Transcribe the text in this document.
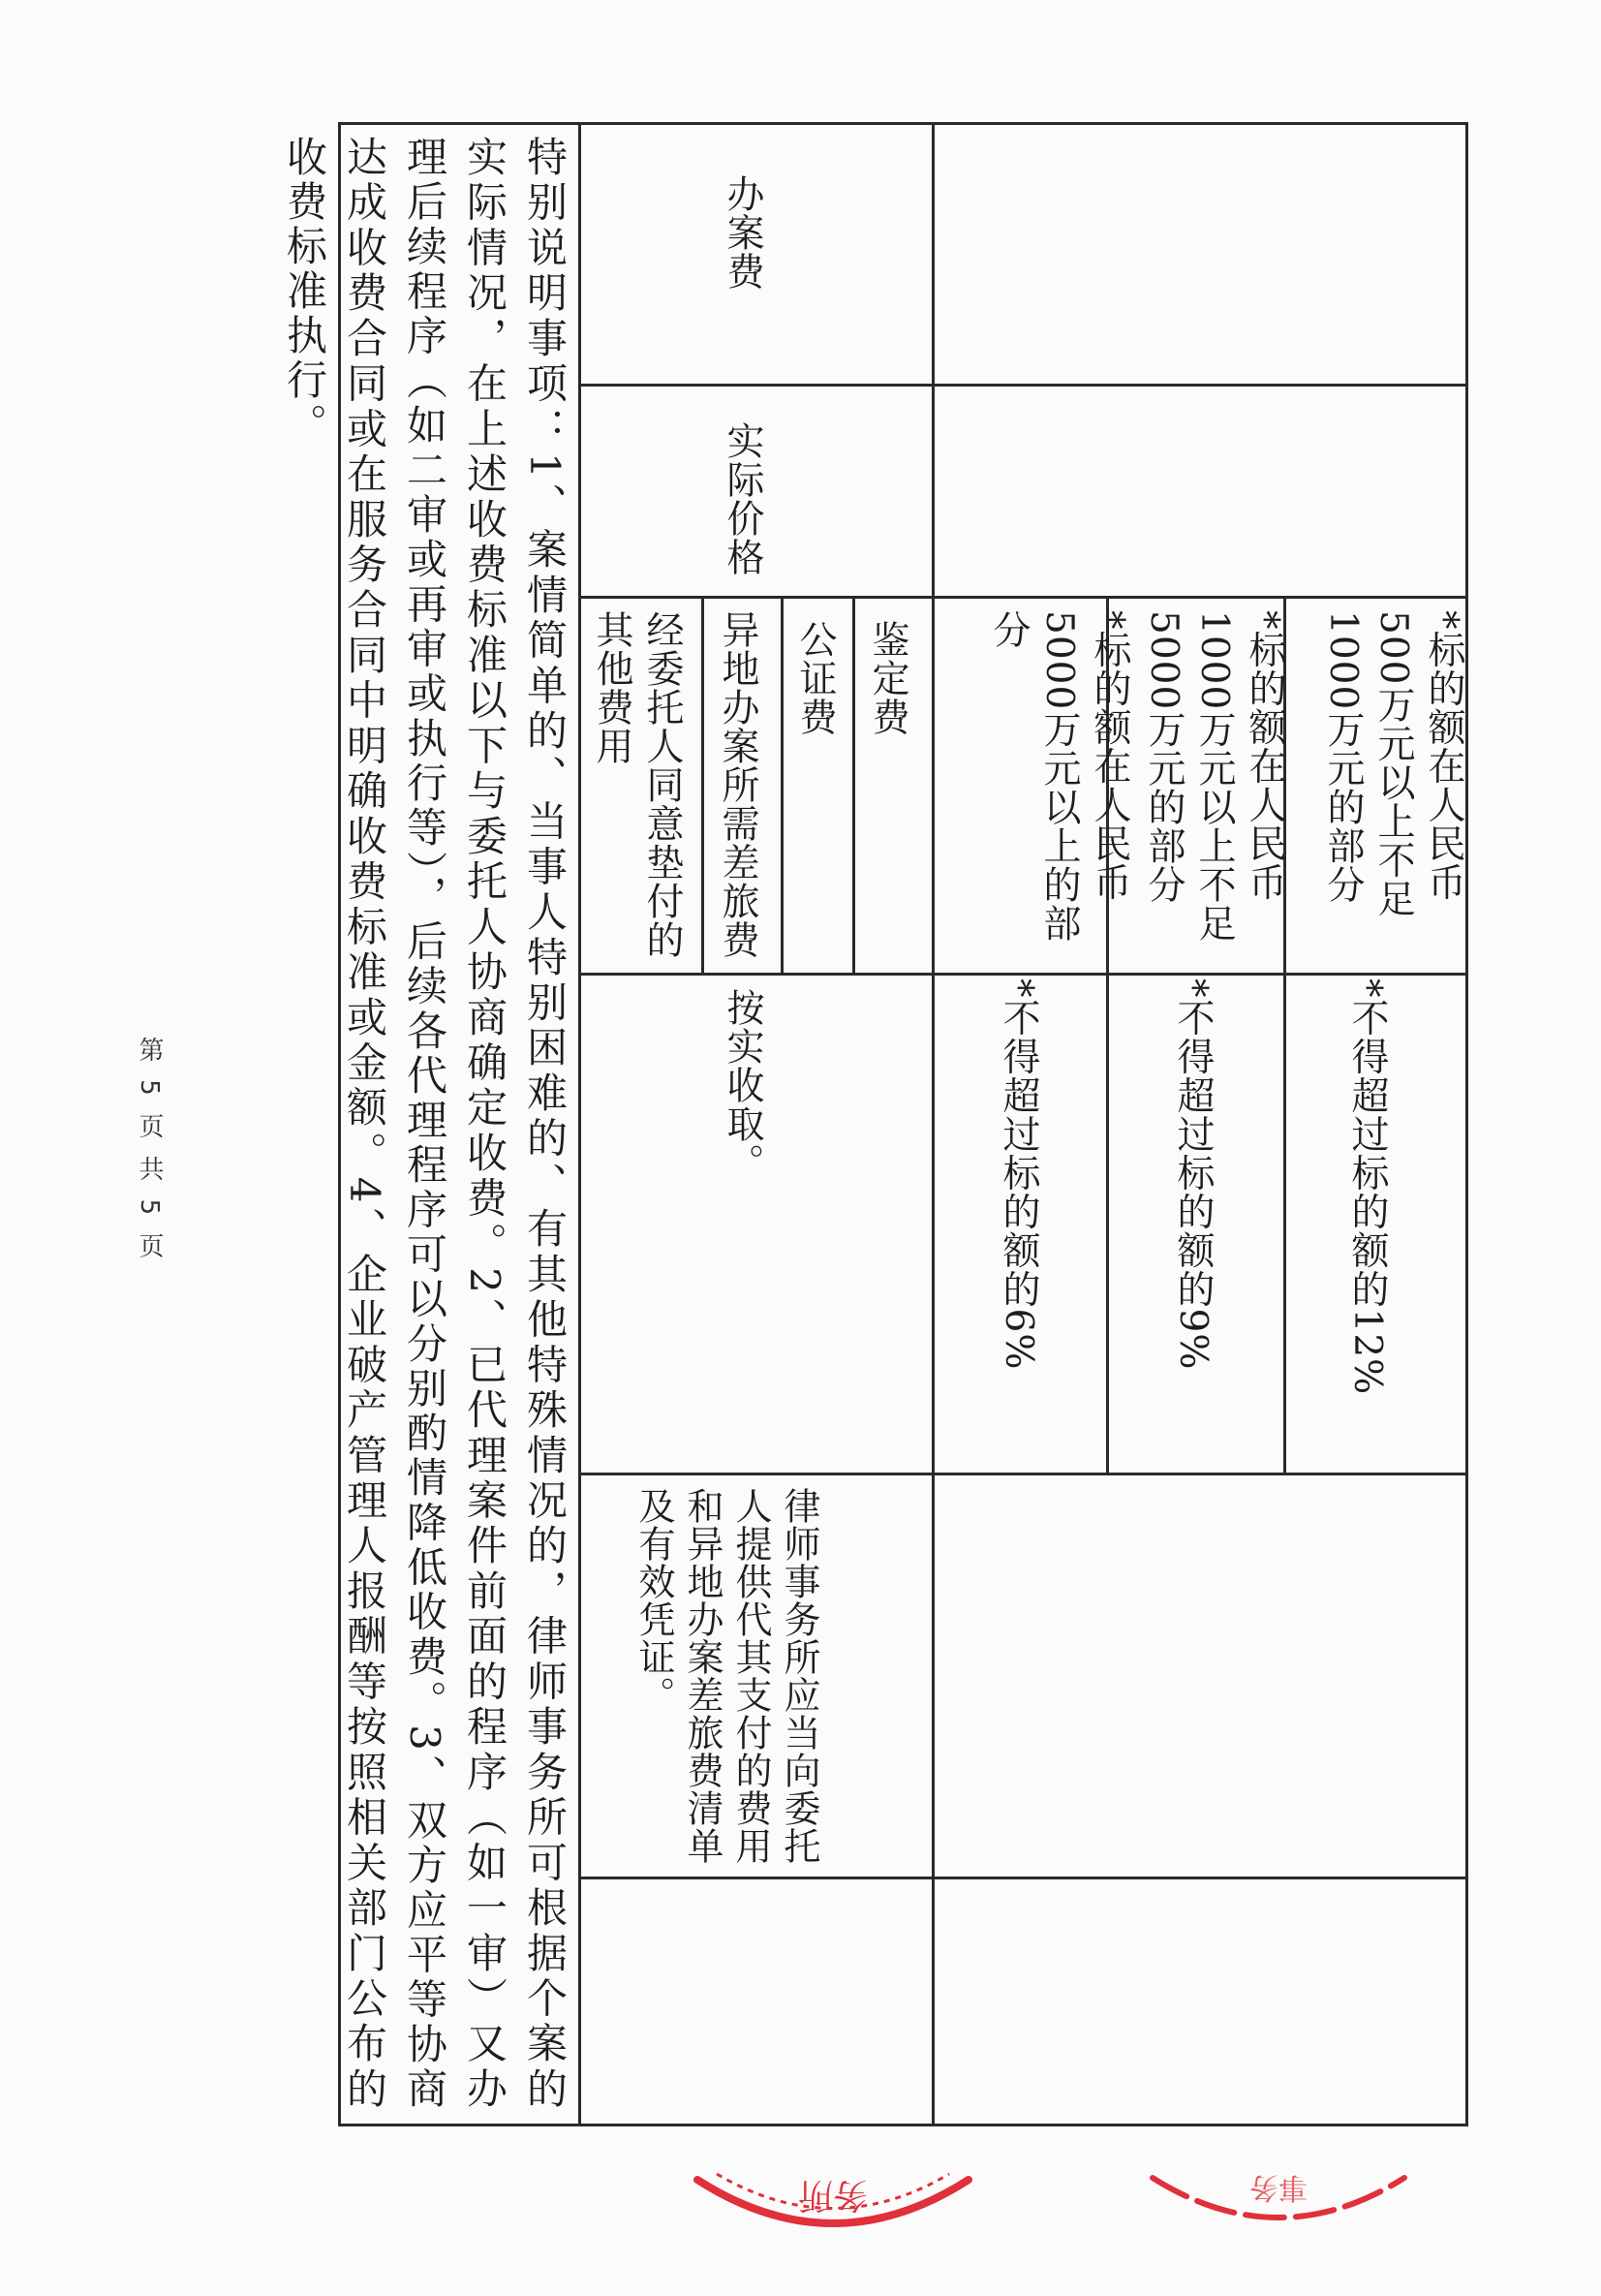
办案费
实际价格
*标的额在人民币500万元以上不足1000万元的部分
*标的额在人民币1000万元以上不足5000万元的部分
*标的额在人民币5000万元以上的部分
*不得超过标的额的12%
*不得超过标的额的9%
*不得超过标的额的6%
鉴定费
公证费
异地办案所需差旅费
经委托人同意垫付的其他费用
按实收取。
律师事务所应当向委托人提供代其支付的费用和异地办案差旅费清单及有效凭证。
特别说明事项：1、案情简单的、当事人特别困难的、有其他特殊情况的，律师事务所可根据个案的实际情况，在上述收费标准以下与委托人协商确定收费。2、已代理案件前面的程序（如一审）又办理后续程序（如二审或再审或执行等），后续各代理程序可以分别酌情降低收费。3、双方应平等协商达成收费合同或在服务合同中明确收费标准或金额。4、企业破产管理人报酬等按照相关部门公布的收费标准执行。
第 5 页 共 5 页
务所	事务
